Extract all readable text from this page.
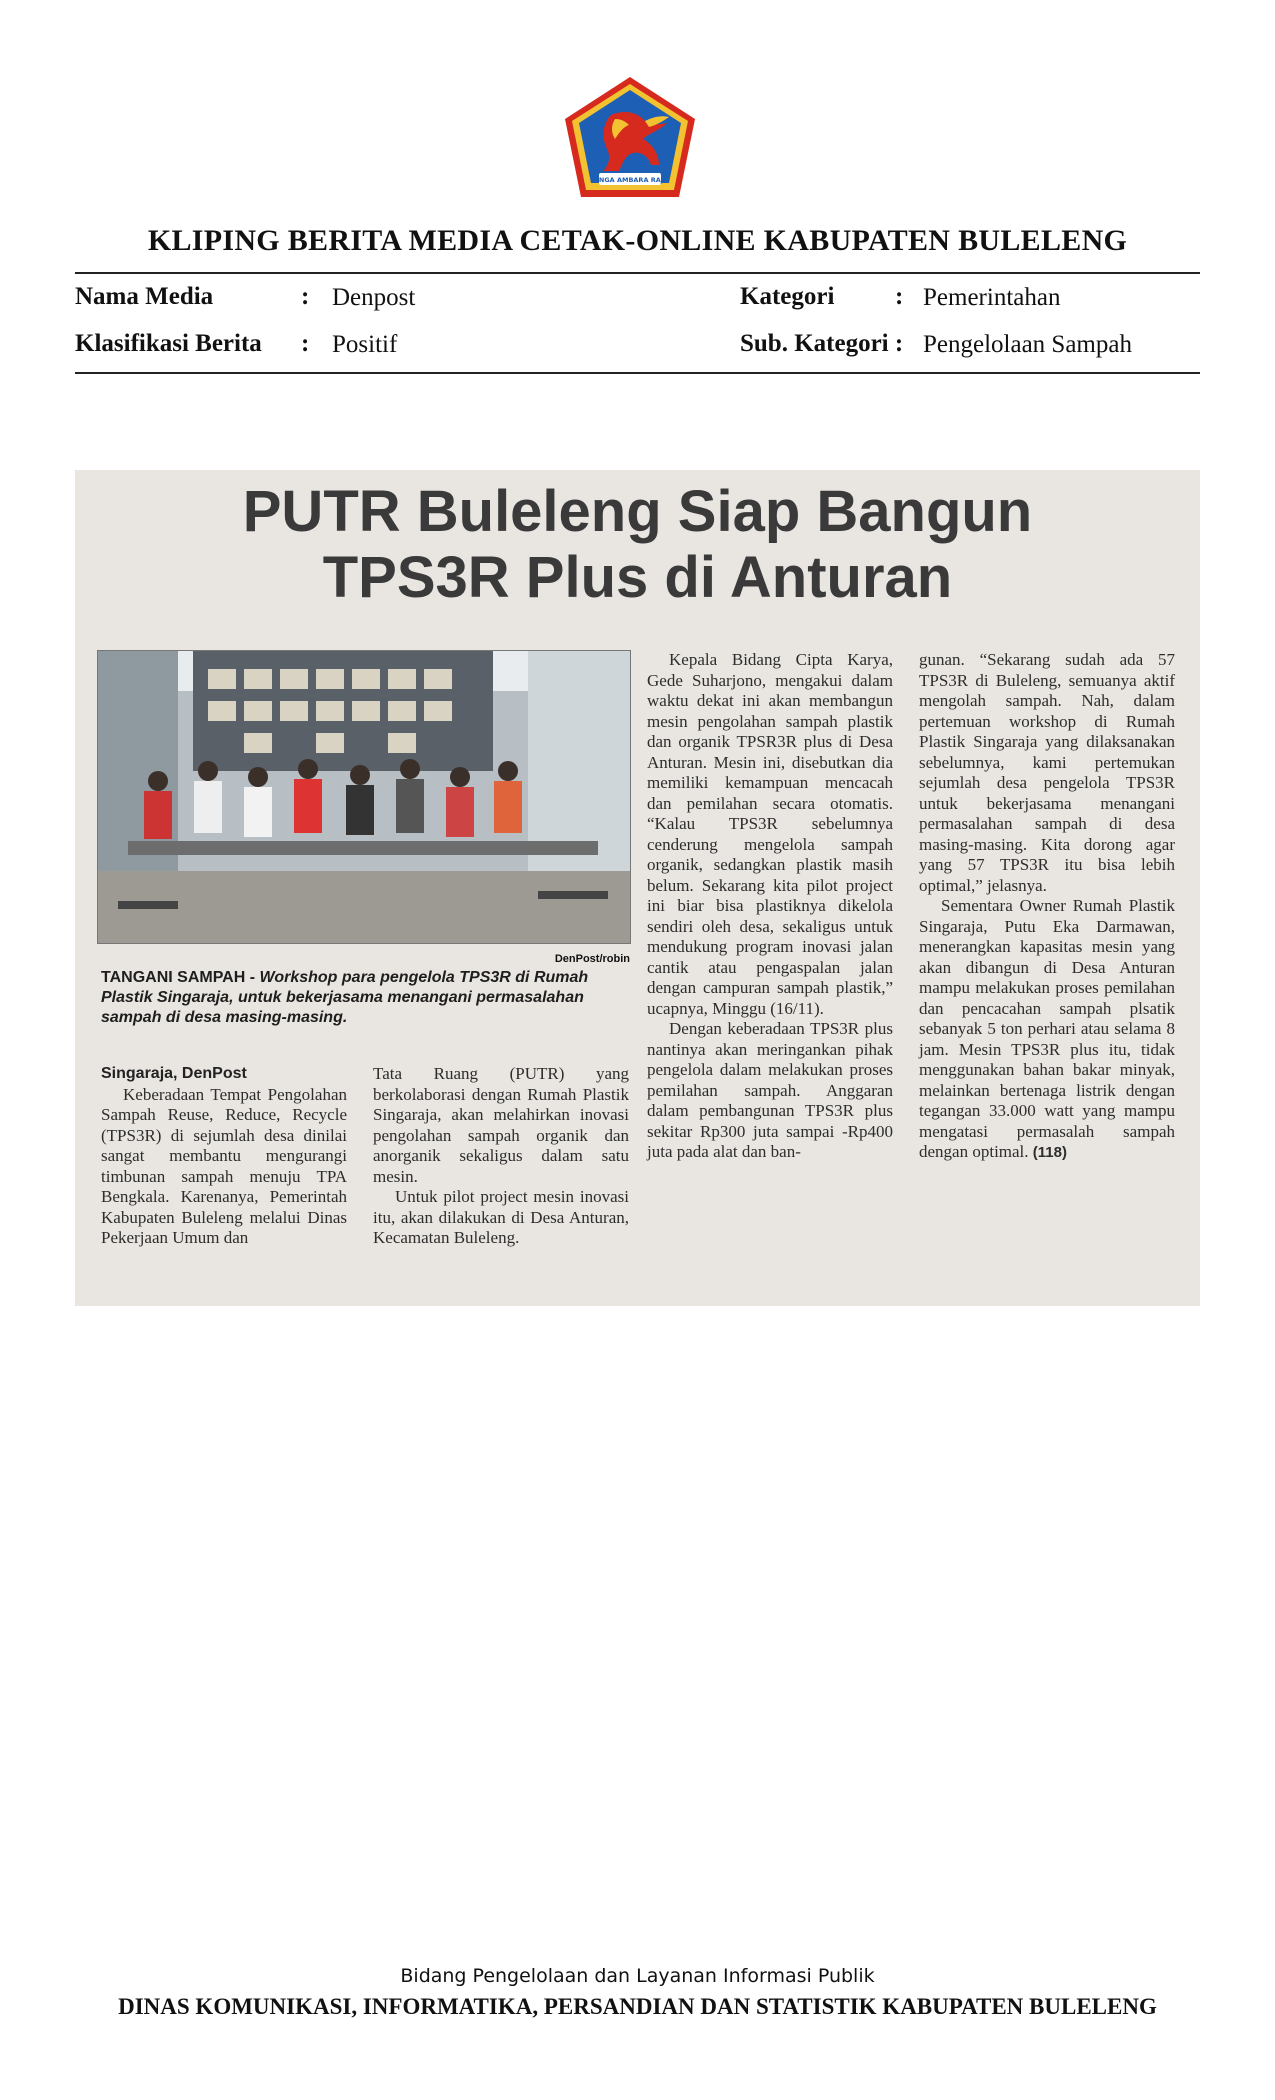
SINGA AMBARA RAJA
KLIPING BERITA MEDIA CETAK-ONLINE KABUPATEN BULELENG
Nama Media	: Denpost
Klasifikasi Berita : Positif
Kategori : Pemerintahan
Sub. Kategori : Pengelolaan Sampah
PUTR Buleleng Siap Bangun
TPS3R Plus di Anturan
DenPost/robin
TANGANI SAMPAH - Workshop para pengelola TPS3R di Rumah Plastik Singaraja, untuk bekerjasama menangani permasalahan sampah di desa masing-masing.

Singaraja, DenPost

Keberadaan Tempat Pengolahan Sampah Reuse, Reduce, Recycle (TPS3R) di sejumlah desa dinilai sangat membantu mengurangi timbunan sampah menuju TPA Bengkala. Karenanya, Pemerintah Kabupaten Buleleng melalui Dinas Pekerjaan Umum dan

Tata Ruang (PUTR) yang berkolaborasi dengan Rumah Plastik Singaraja, akan melahirkan inovasi pengolahan sampah organik dan anorganik sekaligus dalam satu mesin.

Untuk pilot project mesin inovasi itu, akan dilakukan di Desa Anturan, Kecamatan Buleleng.

Kepala Bidang Cipta Karya, Gede Suharjono, mengakui dalam waktu dekat ini akan membangun mesin pengolahan sampah plastik dan organik TPSR3R plus di Desa Anturan. Mesin ini, disebutkan dia memiliki kemampuan mencacah dan pemilahan secara otomatis. “Kalau TPS3R sebelumnya cenderung mengelola sampah organik, sedangkan plastik masih belum. Sekarang kita pilot project ini biar bisa plastiknya dikelola sendiri oleh desa, sekaligus untuk mendukung program inovasi jalan cantik atau pengaspalan jalan dengan campuran sampah plastik,” ucapnya, Minggu (16/11).

Dengan keberadaan TPS3R plus nantinya akan meringankan pihak pengelola dalam melakukan proses pemilahan sampah. Anggaran dalam pembangunan TPS3R plus sekitar Rp300 juta sampai -Rp400 juta pada alat dan ban-

gunan. “Sekarang sudah ada 57 TPS3R di Buleleng, semuanya aktif mengolah sampah. Nah, dalam pertemuan workshop di Rumah Plastik Singaraja yang dilaksanakan sebelumnya, kami pertemukan sejumlah desa pengelola TPS3R untuk bekerjasama menangani permasalahan sampah di desa masing-masing. Kita dorong agar yang 57 TPS3R itu bisa lebih optimal,” jelasnya.

Sementara Owner Rumah Plastik Singaraja, Putu Eka Darmawan, menerangkan kapasitas mesin yang akan dibangun di Desa Anturan mampu melakukan proses pemilahan dan pencacahan sampah plsatik sebanyak 5 ton perhari atau selama 8 jam. Mesin TPS3R plus itu, tidak menggunakan bahan bakar minyak, melainkan bertenaga listrik dengan tegangan 33.000 watt yang mampu mengatasi permasalah sampah dengan optimal. (118)

Bidang Pengelolaan dan Layanan Informasi Publik
DINAS KOMUNIKASI, INFORMATIKA, PERSANDIAN DAN STATISTIK KABUPATEN BULELENG
